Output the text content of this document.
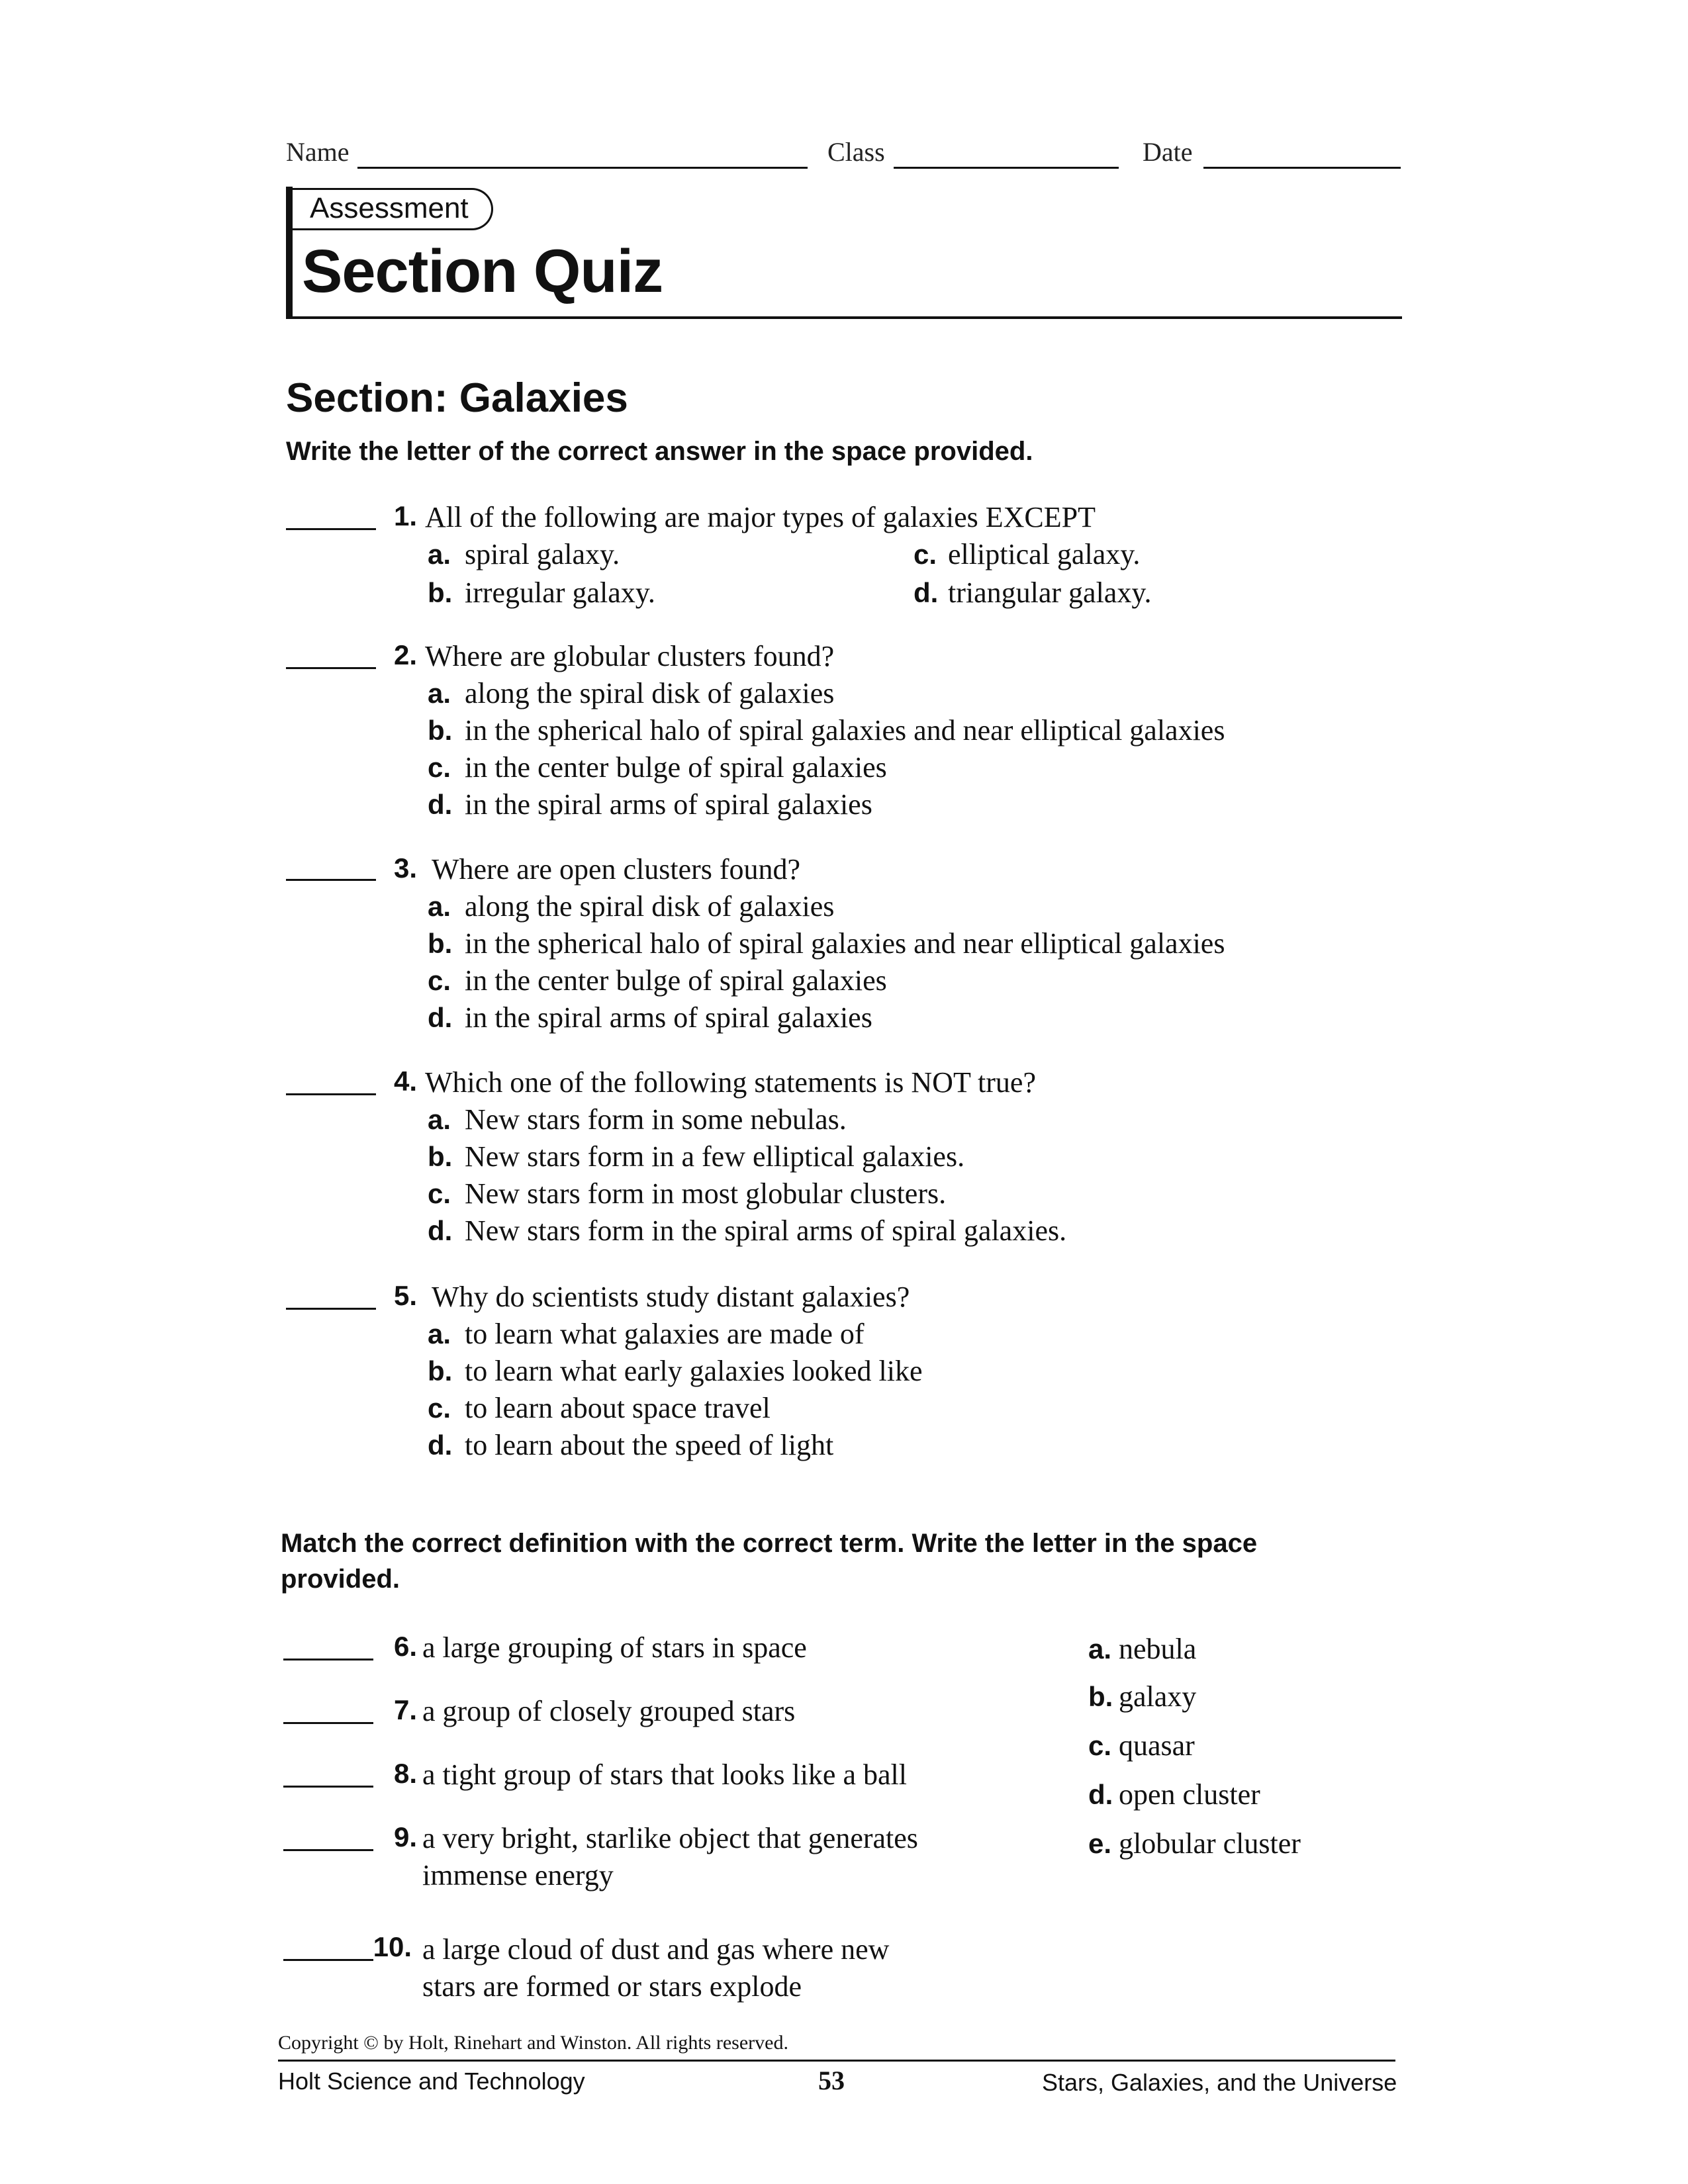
Name	Class	Date
Assessment
Section Quiz
Section: Galaxies
Write the letter of the correct answer in the space provided.
1. All of the following are major types of galaxies EXCEPT
a. spiral galaxy.
b. irregular galaxy.
c. elliptical galaxy.
d. triangular galaxy.
2. Where are globular clusters found?
a. along the spiral disk of galaxies
b. in the spherical halo of spiral galaxies and near elliptical galaxies
c. in the center bulge of spiral galaxies
d. in the spiral arms of spiral galaxies
3. Where are open clusters found?
a. along the spiral disk of galaxies
b. in the spherical halo of spiral galaxies and near elliptical galaxies
c. in the center bulge of spiral galaxies
d. in the spiral arms of spiral galaxies
4. Which one of the following statements is NOT true?
a. New stars form in some nebulas.
b. New stars form in a few elliptical galaxies.
c. New stars form in most globular clusters.
d. New stars form in the spiral arms of spiral galaxies.
5. Why do scientists study distant galaxies?
a. to learn what galaxies are made of
b. to learn what early galaxies looked like
c. to learn about space travel
d. to learn about the speed of light
Match the correct definition with the correct term. Write the letter in the space
provided.
6. a large grouping of stars in space
7. a group of closely grouped stars
8. a tight group of stars that looks like a ball
9. a very bright, starlike object that generates
immense energy
10. a large cloud of dust and gas where new
stars are formed or stars explode
a. nebula
b. galaxy
c. quasar
d. open cluster
e. globular cluster
Copyright © by Holt, Rinehart and Winston. All rights reserved.
Holt Science and Technology	53	Stars, Galaxies, and the Universe
